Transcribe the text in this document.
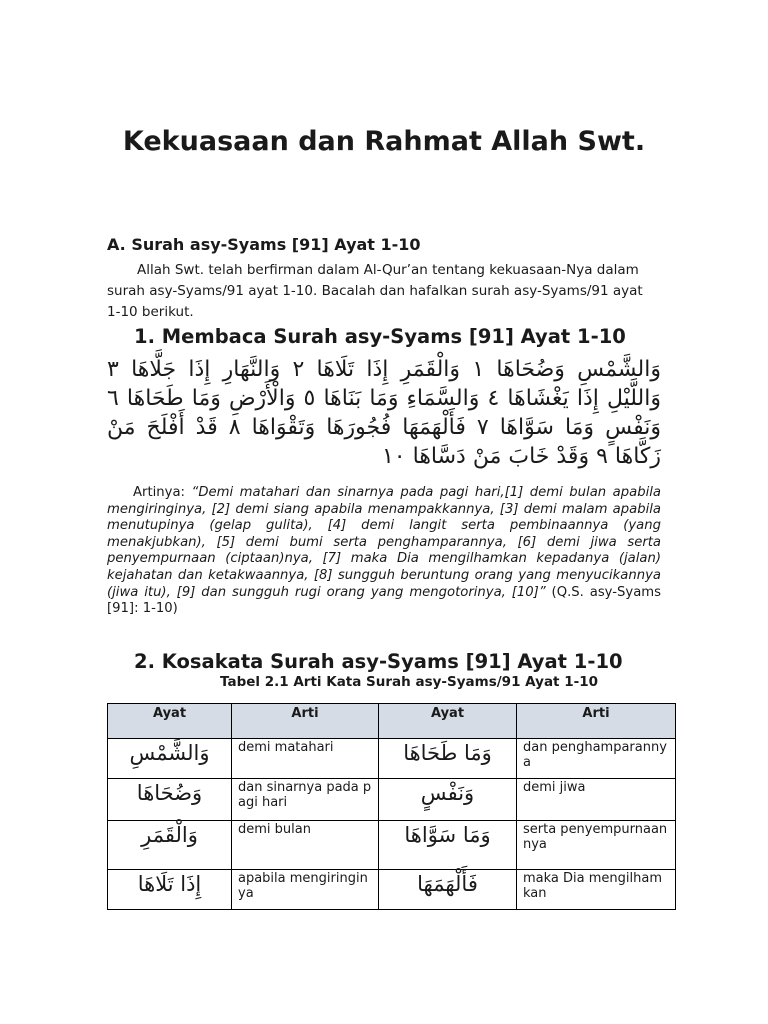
Kekuasaan dan Rahmat Allah Swt.

A. Surah asy-Syams [91] Ayat 1-10

Allah Swt. telah berfirman dalam Al-Qur’an tentang kekuasaan-Nya dalam surah asy-Syams/91 ayat 1-10. Bacalah dan hafalkan surah asy-Syams/91 ayat 1-10 berikut.

1. Membaca Surah asy-Syams [91] Ayat 1-10

وَالشَّمْسِ وَضُحَاهَا ١ وَالْقَمَرِ إِذَا تَلَاهَا ٢ وَالنَّهَارِ إِذَا جَلَّاهَا ٣ وَاللَّيْلِ إِذَا يَغْشَاهَا ٤ وَالسَّمَاءِ وَمَا بَنَاهَا ٥ وَالْأَرْضِ وَمَا طَحَاهَا ٦ وَنَفْسٍ وَمَا سَوَّاهَا ٧ فَأَلْهَمَهَا فُجُورَهَا وَتَقْوَاهَا ٨ قَدْ أَفْلَحَ مَنْ زَكَّاهَا ٩ وَقَدْ خَابَ مَنْ دَسَّاهَا ١٠

Artinya: “Demi matahari dan sinarnya pada pagi hari,[1] demi bulan apabila mengiringinya, [2] demi siang apabila menampakkannya, [3] demi malam apabila menutupinya (gelap gulita), [4] demi langit serta pembinaannya (yang menakjubkan), [5] demi bumi serta penghamparannya, [6] demi jiwa serta penyempurnaan (ciptaan)nya, [7] maka Dia mengilhamkan kepadanya (jalan) kejahatan dan ketakwaannya, [8] sungguh beruntung orang yang menyucikannya (jiwa itu), [9] dan sungguh rugi orang yang mengotorinya, [10]” (Q.S. asy-Syams [91]: 1-10)

2. Kosakata Surah asy-Syams [91] Ayat 1-10

Tabel 2.1 Arti Kata Surah asy-Syams/91 Ayat 1-10

Ayat	Arti	Ayat	Arti
وَالشَّمْسِ	demi matahari	وَمَا طَحَاهَا	dan penghamparannya
وَضُحَاهَا	dan sinarnya pada pagi hari	وَنَفْسٍ	demi jiwa
وَالْقَمَرِ	demi bulan	وَمَا سَوَّاهَا	serta penyempurnaannya
إِذَا تَلَاهَا	apabila mengiringinya	فَأَلْهَمَهَا	maka Dia mengilhamkan
